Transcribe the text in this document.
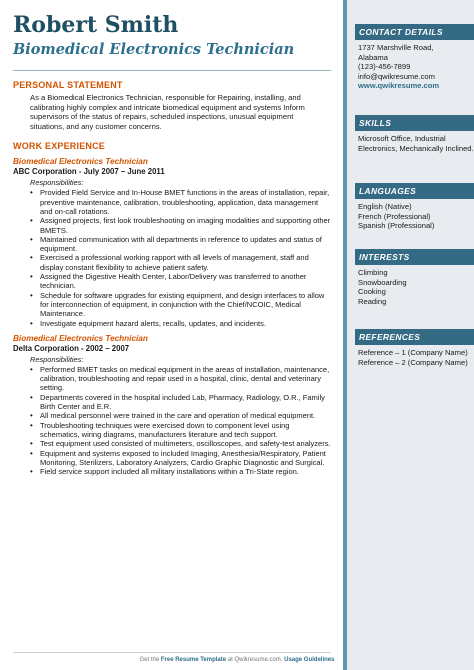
Robert Smith
Biomedical Electronics Technician
PERSONAL STATEMENT
As a Biomedical Electronics Technician, responsible for Repairing, installing, and calibrating highly complex and intricate biomedical equipment and systems Inform supervisors of the status of repairs, scheduled inspections, unusual equipment situations, and any customer concerns.
WORK EXPERIENCE
Biomedical Electronics Technician
ABC Corporation - July 2007 – June 2011
Responsibilities:
• Provided Field Service and In-House BMET functions in the areas of installation, repair, preventive maintenance, calibration, troubleshooting, application, data management and on-call rotations.
• Assigned projects, first look troubleshooting on imaging modalities and supporting other BMETS.
• Maintained communication with all departments in reference to updates and status of equipment.
• Exercised a professional working rapport with all levels of management, staff and display constant flexibility to achieve patient safety.
• Assigned the Digestive Health Center, Labor/Delivery was transferred to another technician.
• Schedule for software upgrades for existing equipment, and design interfaces to allow for interconnection of equipment, in conjunction with the Chief/NCOIC, Medical Maintenance.
• Investigate equipment hazard alerts, recalls, updates, and incidents.
Biomedical Electronics Technician
Delta Corporation - 2002 – 2007
Responsibilities:
• Performed BMET tasks on medical equipment in the areas of installation, maintenance, calibration, troubleshooting and repair used in a hospital, clinic, dental and veterinary setting.
• Departments covered in the hospital included Lab, Pharmacy, Radiology, O.R., Family Birth Center and E.R.
• All medical personnel were trained in the care and operation of medical equipment.
• Troubleshooting techniques were exercised down to component level using schematics, wiring diagrams, manufacturers literature and tech support.
• Test equipment used consisted of multimeters, oscilloscopes, and safety-test analyzers.
• Equipment and systems exposed to included Imaging, Anesthesia/Respiratory, Patient Monitoring, Sterilizers, Laboratory Analyzers, Cardio Graphic Diagnostic and Surgical.
• Field service support included all military installations within a Tri-State region.
CONTACT DETAILS
1737 Marshville Road,
Alabama
(123)-456-7899
info@qwikresume.com
www.qwikresume.com
SKILLS
Microsoft Office, Industrial Electronics, Mechanically Inclined.
LANGUAGES
English (Native)
French (Professional)
Spanish (Professional)
INTERESTS
Climbing
Snowboarding
Cooking
Reading
REFERENCES
Reference – 1 (Company Name)
Reference – 2 (Company Name)
Get the Free Resume Template at Qwikresume.com. Usage Guidelines
